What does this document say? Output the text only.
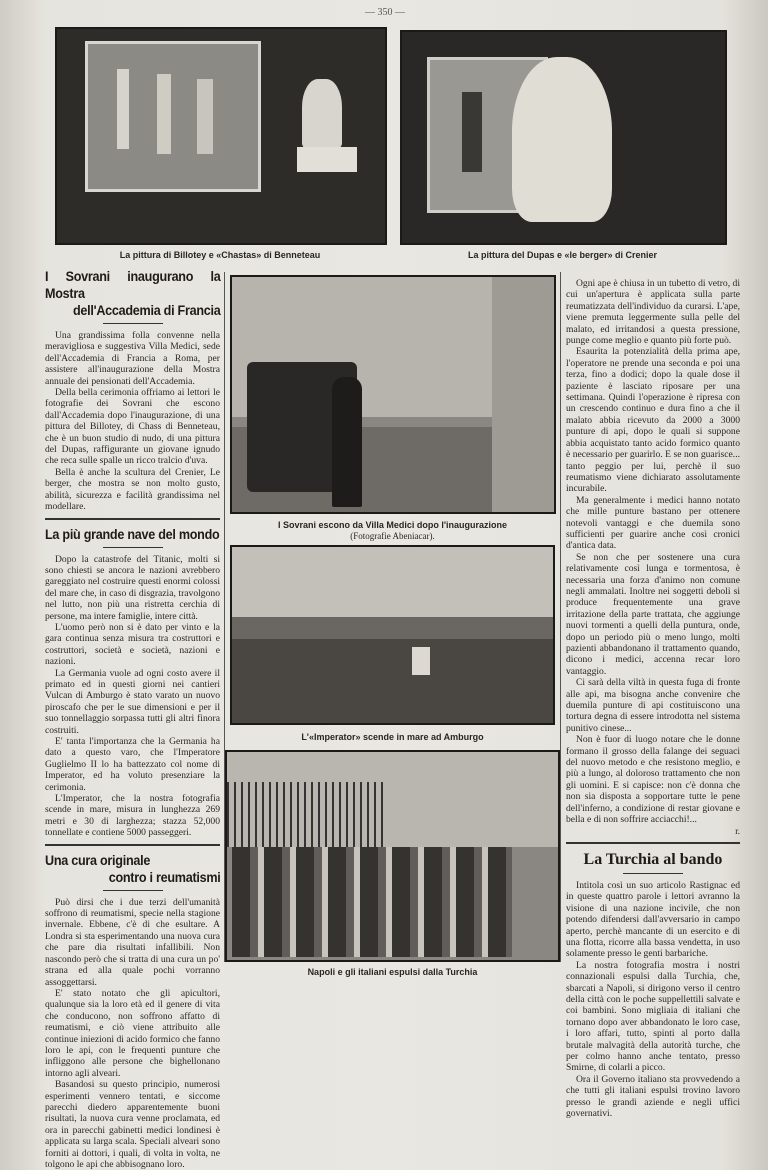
— 350 —
La pittura di Billotey e «Chastas» di Benneteau	La pittura del Dupas e «le berger» di Crenier
I Sovrani escono da Villa Medici dopo l'inaugurazione
(Fotografie Abeniacar).
L'«Imperator» scende in mare ad Amburgo
Napoli e gli italiani espulsi dalla Turchia
I Sovrani inaugurano la Mostra
dell'Accademia di Francia

Una grandissima folla convenne nella meravigliosa e suggestiva Villa Medici, sede dell'Accademia di Francia a Roma, per assistere all'inaugurazione della Mostra annuale dei pensionati dell'Accademia.

Della bella cerimonia offriamo ai lettori le fotografie dei Sovrani che escono dall'Accademia dopo l'inaugurazione, di una pittura del Billotey, di Chass di Benneteau, che è un buon studio di nudo, di una pittura del Dupas, raffigurante un giovane ignudo che reca sulle spalle un ricco tralcio d'uva.

Bella è anche la scultura del Crenier, Le berger, che mostra se non molto gusto, abilità, sicurezza e facilità grandissima nel modellare.

La più grande nave del mondo

Dopo la catastrofe del Titanic, molti si sono chiesti se ancora le nazioni avrebbero gareggiato nel costruire questi enormi colossi del mare che, in caso di disgrazia, travolgono nel lutto, non più una ristretta cerchia di persone, ma intere famiglie, intere città.

L'uomo però non si è dato per vinto e la gara continua senza misura tra costruttori e costruttori, società e società, nazioni e nazioni.

La Germania vuole ad ogni costo avere il primato ed in questi giorni nei cantieri Vulcan di Amburgo è stato varato un nuovo piroscafo che per le sue dimensioni e per il suo tonnellaggio sorpassa tutti gli altri finora costruiti.

E' tanta l'importanza che la Germania ha dato a questo varo, che l'Imperatore Guglielmo II lo ha battezzato col nome di Imperator, ed ha voluto presenziare la cerimonia.

L'Imperator, che la nostra fotografia scende in mare, misura in lunghezza 269 metri e 30 di larghezza; stazza 52,000 tonnellate e contiene 5000 passeggeri.

Una cura originale
contro i reumatismi

Può dirsi che i due terzi dell'umanità soffrono di reumatismi, specie nella stagione invernale. Ebbene, c'è di che esultare. A Londra si sta esperimentando una nuova cura che pare dia risultati infallibili. Non nascondo però che si tratta di una cura un po' strana ed alla quale pochi vorranno assoggettarsi.

E' stato notato che gli apicultori, qualunque sia la loro età ed il genere di vita che conducono, non soffrono affatto di reumatismi, e ciò viene attribuito alle continue iniezioni di acido formico che fanno loro le api, con le frequenti punture che infliggono alle persone che bighellonano intorno agli alveari.

Basandosi su questo principio, numerosi esperimenti vennero tentati, e siccome parecchi diedero apparentemente buoni risultati, la nuova cura venne proclamata, ed ora in parecchi gabinetti medici londinesi è applicata su larga scala. Speciali alveari sono forniti ai dottori, i quali, di volta in volta, ne tolgono le api che abbisognano loro.

Ogni ape è chiusa in un tubetto di vetro, di cui un'apertura è applicata sulla parte reumatizzata dell'individuo da curarsi. L'ape, viene premuta leggermente sulla pelle del malato, ed irritandosi a questa pressione, punge come meglio e quanto più forte può.

Esaurita la potenzialità della prima ape, l'operatore ne prende una seconda e poi una terza, fino a dodici; dopo la quale dose il paziente è lasciato riposare per una settimana. Quindi l'operazione è ripresa con un crescendo continuo e dura fino a che il malato abbia ricevuto da 2000 a 3000 punture di api, dopo le quali si suppone abbia acquistato tanto acido formico quanto è necessario per guarirlo. E se non guarisce... tanto peggio per lui, perchè il suo reumatismo viene dichiarato assolutamente incurabile.

Ma generalmente i medici hanno notato che mille punture bastano per ottenere notevoli vantaggi e che duemila sono sufficienti per guarire anche così cronici d'antica data.

Se non che per sostenere una cura relativamente così lunga e tormentosa, è necessaria una forza d'animo non comune negli ammalati. Inoltre nei soggetti deboli si produce frequentemente una grave irritazione della parte trattata, che aggiunge nuovi tormenti a quelli della puntura, onde, dopo un periodo più o meno lungo, molti pazienti abbandonano il trattamento quando, dicono i medici, accenna recar loro vantaggio.

Ci sarà della viltà in questa fuga di fronte alle api, ma bisogna anche convenire che duemila punture di api costituiscono una tortura degna di essere introdotta nel sistema punitivo cinese...

Non è fuor di luogo notare che le donne formano il grosso della falange dei seguaci del nuovo metodo e che resistono meglio, e più a lungo, al doloroso trattamento che non gli uomini. E si capisce: non c'è donna che non sia disposta a sopportare tutte le pene dell'inferno, a condizione di restar giovane e bella e di non soffrire acciacchi!...

r.
La Turchia al bando

Intitola così un suo articolo Rastignac ed in queste quattro parole i lettori avranno la visione di una nazione incivile, che non potendo difendersi dall'avversario in campo aperto, perchè mancante di un esercito e di una flotta, ricorre alla bassa vendetta, in uso solamente presso le genti barbariche.

La nostra fotografia mostra i nostri connazionali espulsi dalla Turchia, che, sbarcati a Napoli, si dirigono verso il centro della città con le poche suppellettili salvate e coi bambini. Sono migliaia di italiani che tornano dopo aver abbandonato le loro case, i loro affari, tutto, spinti al porto dalla brutale malvagità della autorità turche, che per colmo hanno anche tentato, presso Smirne, di colarli a picco.

Ora il Governo italiano sta provvedendo a che tutti gli italiani espulsi trovino lavoro presso le grandi aziende e negli uffici governativi.
